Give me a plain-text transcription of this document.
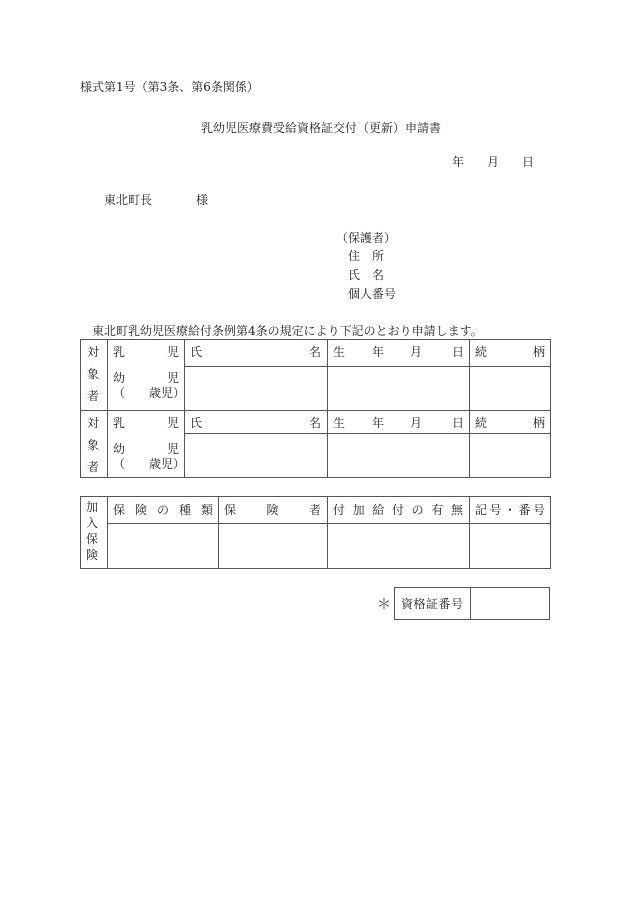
様式第1号（第3条、第6条関係）
乳幼児医療費受給資格証交付（更新）申請書
年 月 日
東北町長	様
（保護者）
住　所
氏　名
個人番号
東北町乳幼児医療給付条例第4条の規定により下記のとおり申請します。
対
象
者
乳児
幼児
（　　歳児）
氏名 生 年 月 日 続柄
対
象
者
乳児
幼児
（　　歳児）
氏名 生 年 月 日 続柄
加
入
保
険
保険の種類 保険者 付加給付の有無 記号・番号
＊ 資格証番号
